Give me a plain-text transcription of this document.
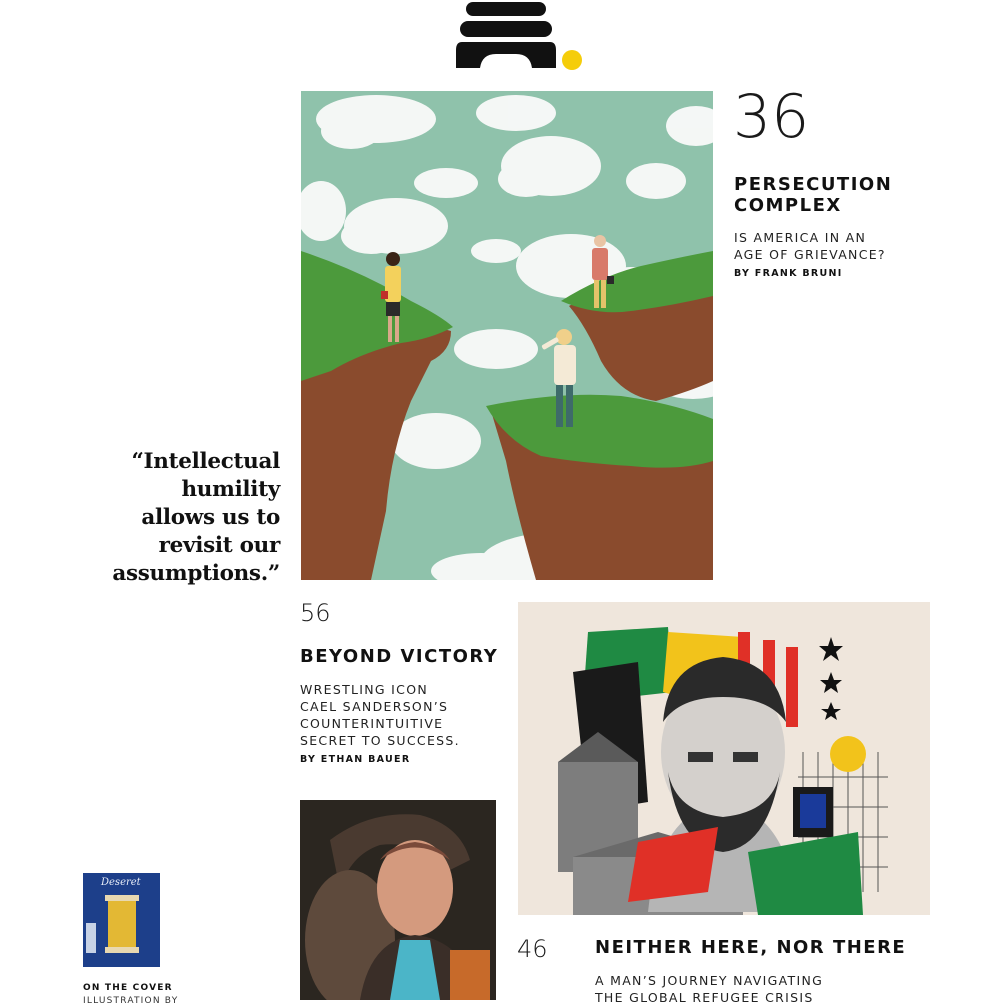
36
PERSECUTION
COMPLEX
IS AMERICA IN AN
AGE OF GRIEVANCE?
BY FRANK BRUNI
“Intellectual
humility
allows us to
revisit our
assumptions.”
56
BEYOND VICTORY
WRESTLING ICON
CAEL SANDERSON’S
COUNTERINTUITIVE
SECRET TO SUCCESS.
BY ETHAN BAUER
46	NEITHER HERE, NOR THERE
A MAN’S JOURNEY NAVIGATING
THE GLOBAL REFUGEE CRISIS
Deseret
ON THE COVER
ILLUSTRATION BY
